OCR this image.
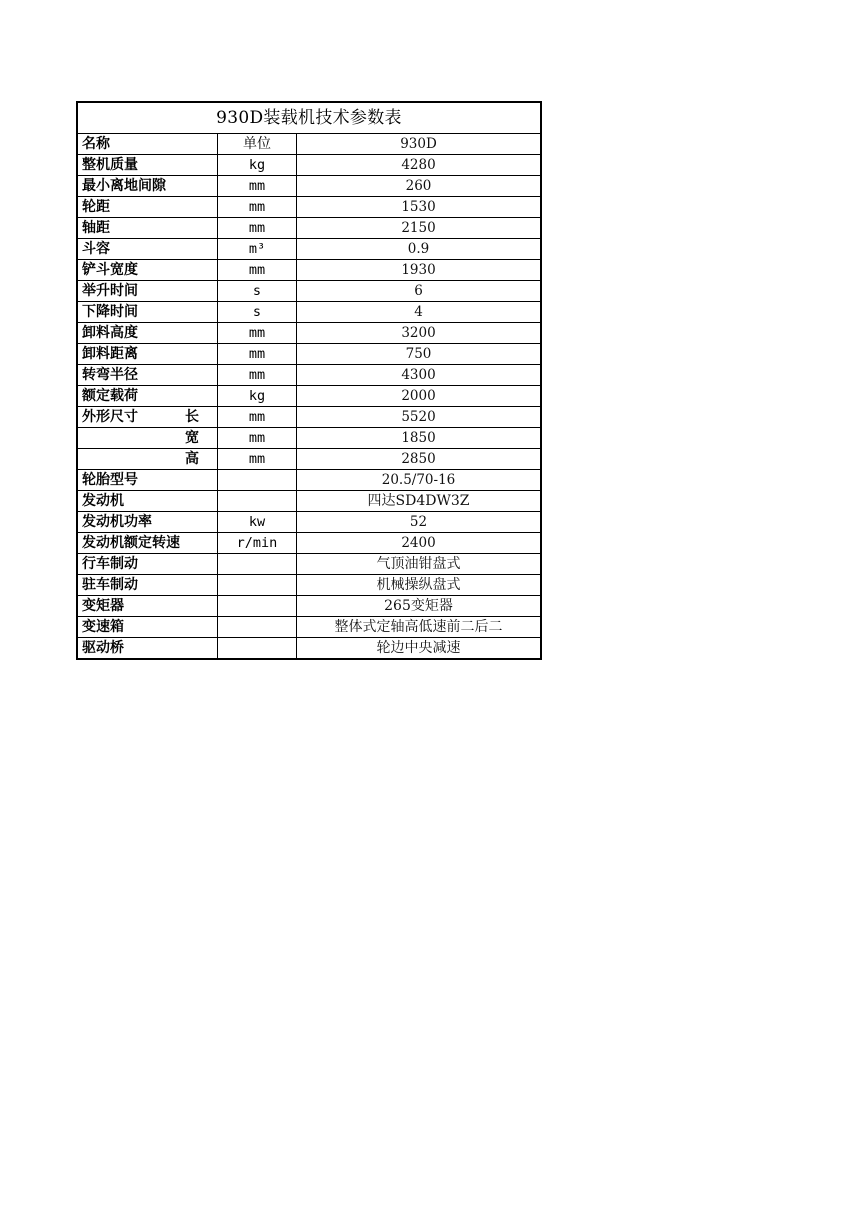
930D装载机技术参数表
名称	单位	930D
整机质量	kg	4280
最小离地间隙	mm	260
轮距	mm	1530
轴距	mm	2150
斗容	m³	0.9
铲斗宽度	mm	1930
举升时间	s	6
下降时间	s	4
卸料高度	mm	3200
卸料距离	mm	750
转弯半径	mm	4300
额定载荷	kg	2000

外形尺寸 长	mm	5520

宽	mm	1850

高	mm	2850
轮胎型号		20.5/70-16
发动机		四达SD4DW3Z
发动机功率	kw	52
发动机额定转速	r/min	2400
行车制动		气顶油钳盘式
驻车制动		机械操纵盘式
变矩器		265变矩器
变速箱		整体式定轴高低速前二后二
驱动桥		轮边中央减速
